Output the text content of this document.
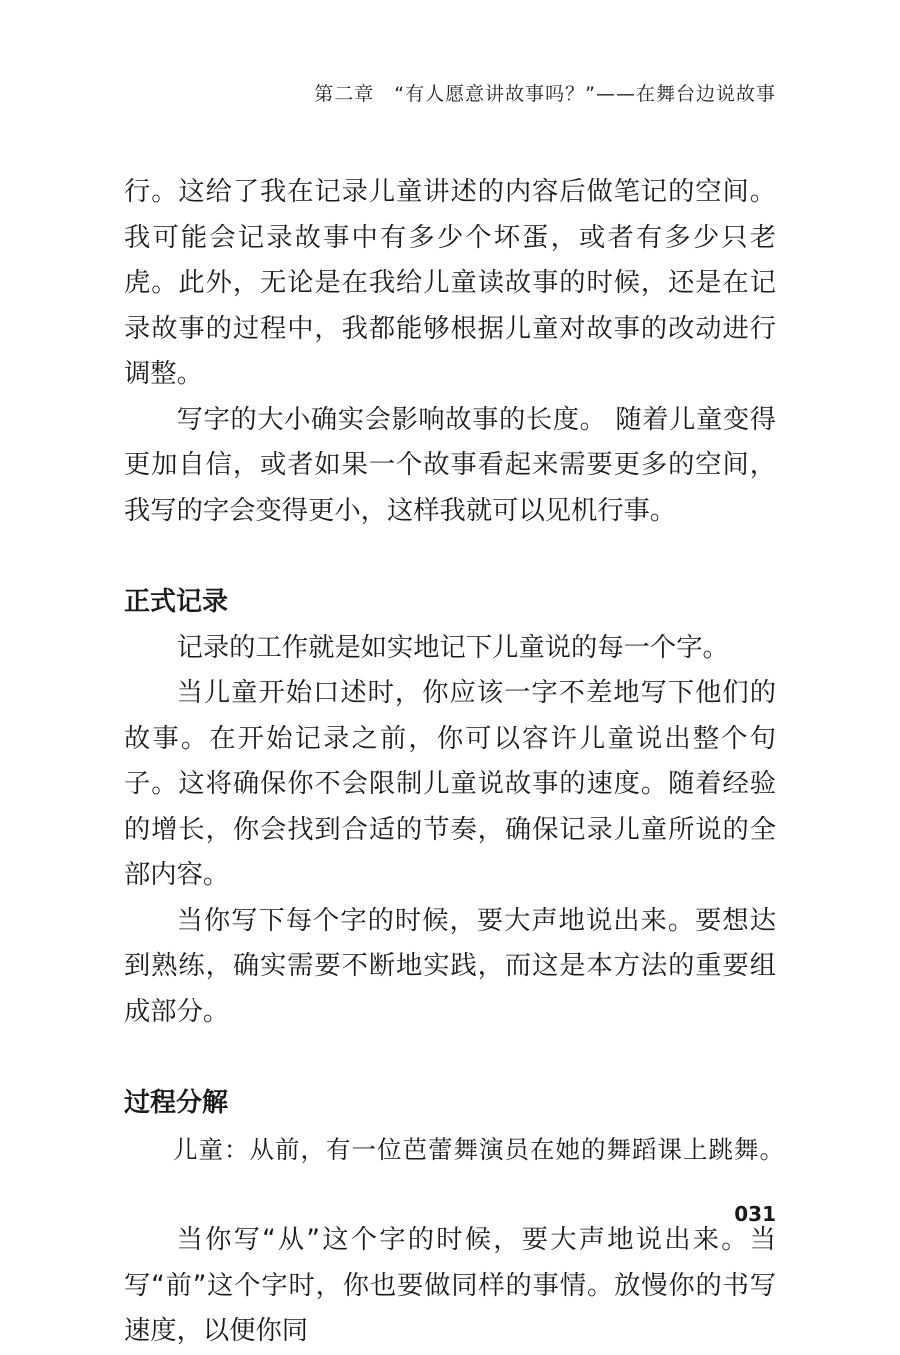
第二章　“有人愿意讲故事吗？”——在舞台边说故事

行。这给了我在记录儿童讲述的内容后做笔记的空间。我可能会记录故事中有多少个坏蛋，或者有多少只老虎。此外，无论是在我给儿童读故事的时候，还是在记录故事的过程中，我都能够根据儿童对故事的改动进行调整。

写字的大小确实会影响故事的长度。 随着儿童变得更加自信，或者如果一个故事看起来需要更多的空间，我写的字会变得更小，这样我就可以见机行事。

正式记录

记录的工作就是如实地记下儿童说的每一个字。

当儿童开始口述时，你应该一字不差地写下他们的故事。在开始记录之前，你可以容许儿童说出整个句子。这将确保你不会限制儿童说故事的速度。随着经验的增长，你会找到合适的节奏，确保记录儿童所说的全部内容。

当你写下每个字的时候，要大声地说出来。要想达到熟练，确实需要不断地实践，而这是本方法的重要组成部分。

过程分解

儿童：从前，有一位芭蕾舞演员在她的舞蹈课上跳舞。

当你写“从”这个字的时候，要大声地说出来。当写“前”这个字时，你也要做同样的事情。放慢你的书写速度，以便你同

031
